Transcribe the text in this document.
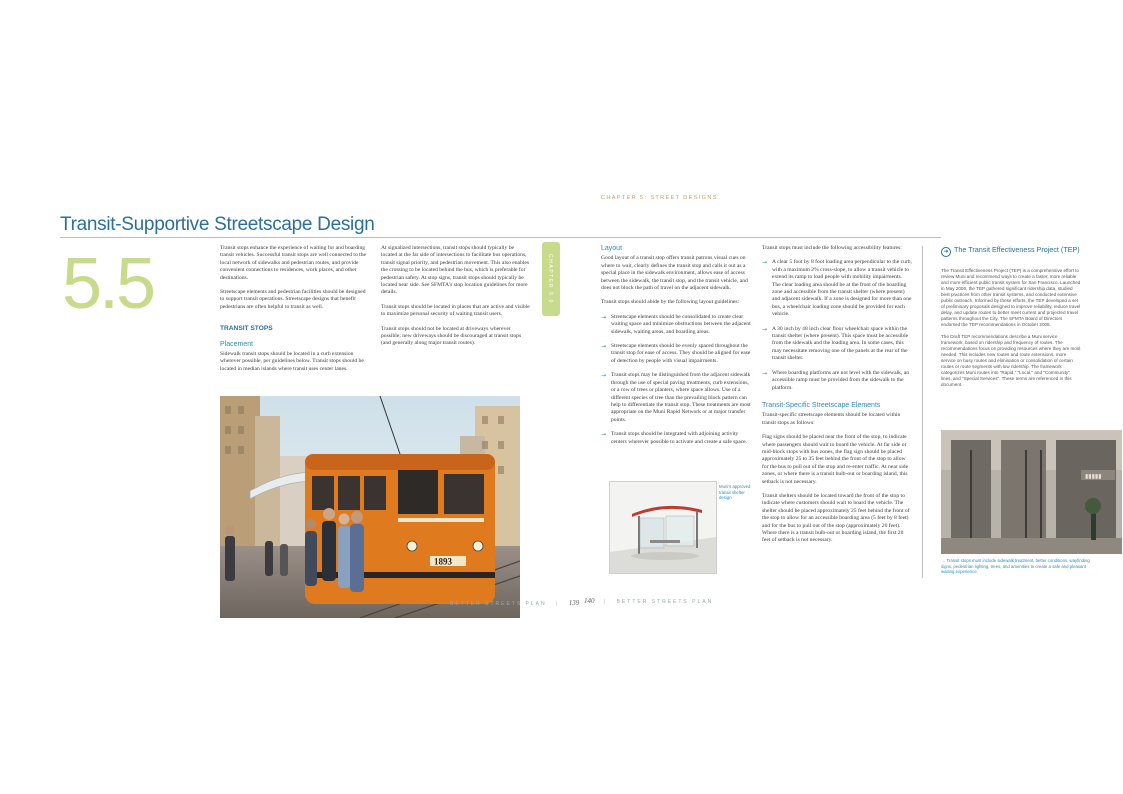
CHAPTER 5: STREET DESIGNS
Transit-Supportive Streetscape Design
5.5	Transit stops enhance the experience of waiting for and boarding transit vehicles. Successful transit stops are well connected to the local network of sidewalks and pedestrian routes, and provide convenient connections to residences, work places, and other destinations.

Streetscape elements and pedestrian facilities should be designed to support transit operations. Streetscape designs that benefit pedestrians are often helpful to transit as well.

TRANSIT STOPS
Placement

Sidewalk transit stops should be located in a curb extension wherever possible, per guidelines below. Transit stops should be located in median islands where transit uses center lanes.

At signalized intersections, transit stops should typically be located at the far side of intersections to facilitate bus operations, transit signal priority, and pedestrian movement. This also enables the crossing to be located behind the bus, which is preferable for pedestrian safety. At stop signs, transit stops should typically be located near side. See SFMTA's stop location guidelines for more details.

Transit stops should be located in places that are active and visible to maximize personal security of waiting transit users.

Transit stops should not be located at driveways wherever possible; new driveways should be discouraged at transit stops (and generally along major transit routes).

1893
BETTER STREETS PLAN | 139
CHAPTER 5.0
Layout

Good layout of a transit stop offers transit patrons visual cues on where to wait, clearly defines the transit stop and calls it out as a special place in the sidewalk environment, allows ease of access between the sidewalk, the transit stop, and the transit vehicle, and does not block the path of travel on the adjacent sidewalk.

Transit stops should abide by the following layout guidelines:

→ Streetscape elements should be consolidated to create clear waiting space and minimize obstructions between the adjacent sidewalk, waiting areas, and boarding areas.
→ Streetscape elements should be evenly spaced throughout the transit stop for ease of access. They should be aligned for ease of detection by people with visual impairments.
→ Transit stops may be distinguished from the adjacent sidewalk through the use of special paving treatments, curb extensions, or a row of trees or planters, where space allows. Use of a different species of tree than the prevailing block pattern can help to differentiate the transit stop. These treatments are most appropriate on the Muni Rapid Network or at major transfer points.
→ Transit stops should be integrated with adjoining activity centers wherever possible to activate and create a safe space.
Muni's approved transit shelter design
140 | BETTER STREETS PLAN

Transit stops must include the following accessibility features:

→ A clear 5 foot by 8 foot loading area perpendicular to the curb, with a maximum 2% cross-slope, to allow a transit vehicle to extend its ramp to load people with mobility impairments. The clear loading area should be at the front of the boarding zone and accessible from the transit shelter (where present) and adjacent sidewalk. If a zone is designed for more than one bus, a wheelchair loading zone should be provided for each vehicle.
→ A 30 inch by 48 inch clear floor wheelchair space within the transit shelter (where present). This space must be accessible from the sidewalk and the loading area. In some cases, this may necessitate removing one of the panels at the rear of the transit shelter.
→ Where boarding platforms are not level with the sidewalk, an accessible ramp must be provided from the sidewalk to the platform.
Transit-Specific Streetscape Elements

Transit-specific streetscape elements should be located within transit stops as follows:

Flag signs should be placed near the front of the stop, to indicate where passengers should wait to board the vehicle. At far side or mid-block stops with bus zones, the flag sign should be placed approximately 25 to 35 feet behind the front of the stop to allow for the bus to pull out of the stop and re-enter traffic. At near side zones, or where there is a transit bulb-out or boarding island, this setback is not necessary.

Transit shelters should be located toward the front of the stop to indicate where customers should wait to board the vehicle. The shelter should be placed approximately 25 feet behind the front of the stop to allow for an accessible boarding area (5 feet by 8 feet) and for the bus to pull out of the stop (approximately 20 feet). Where there is a transit bulb-out or boarding island, the first 20 feet of setback is not necessary.

➜ The Transit Effectiveness Project (TEP)

The Transit Effectiveness Project (TEP) is a comprehensive effort to review Muni and recommend ways to create a faster, more reliable and more efficient public transit system for San Francisco. Launched in May 2006, the TEP gathered significant ridership data, studied best practices from other transit systems, and conducted extensive public outreach. Informed by these efforts, the TEP developed a set of preliminary proposals designed to improve reliability, reduce travel delay, and update routes to better meet current and projected travel patterns throughout the City. The SFMTA Board of Directors endorsed the TEP recommendations in October 2008.

The Draft TEP recommendations describe a Muni service framework, based on ridership and frequency of routes. The recommendations focus on providing resources where they are most needed. This includes new routes and route extensions, more service on busy routes and elimination or consolidation of certain routes or route segments with low ridership. The framework categorizes Muni routes into "Rapid," "Local," and "Community" lines, and "Special Services". These terms are referenced in this document.

▮▮▮▮▮
→ Transit stops must include sidewalk treatment, better conditions, wayfinding signs, pedestrian lighting, trees, and amenities to create a safe and pleasant waiting experience.
